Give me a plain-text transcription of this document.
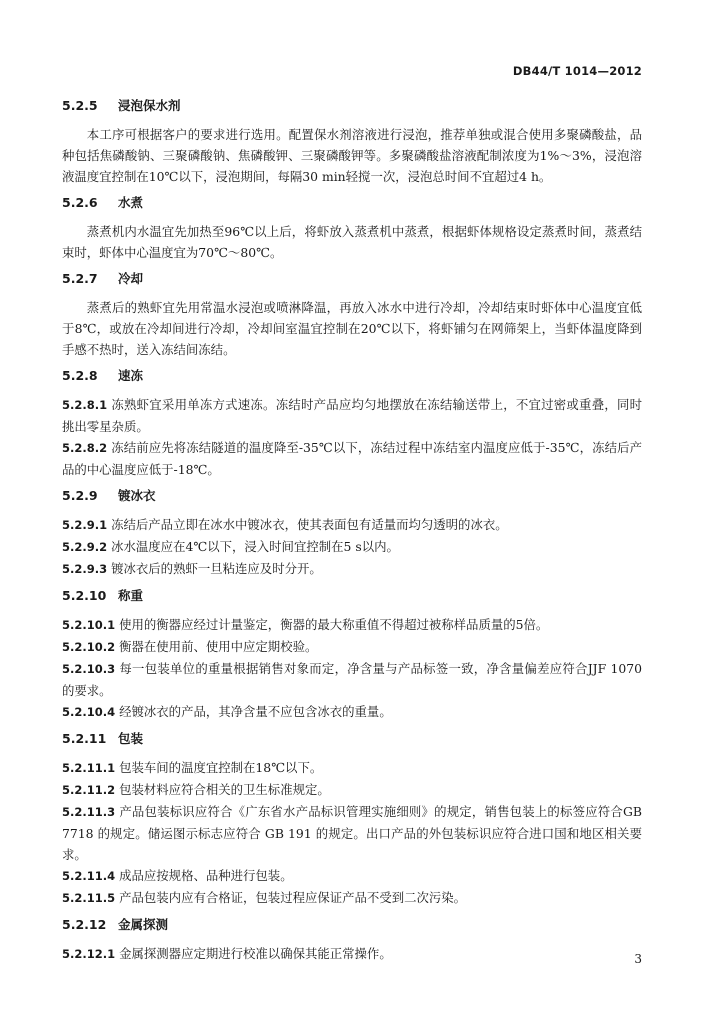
DB44/T 1014—2012
5.2.5 浸泡保水剂

本工序可根据客户的要求进行选用。配置保水剂溶液进行浸泡，推荐单独或混合使用多聚磷酸盐，品种包括焦磷酸钠、三聚磷酸钠、焦磷酸钾、三聚磷酸钾等。多聚磷酸盐溶液配制浓度为1%～3%，浸泡溶液温度宜控制在10℃以下，浸泡期间，每隔30 min轻搅一次，浸泡总时间不宜超过4 h。

5.2.6 水煮

蒸煮机内水温宜先加热至96℃以上后，将虾放入蒸煮机中蒸煮，根据虾体规格设定蒸煮时间，蒸煮结束时，虾体中心温度宜为70℃～80℃。

5.2.7 冷却

蒸煮后的熟虾宜先用常温水浸泡或喷淋降温，再放入冰水中进行冷却，冷却结束时虾体中心温度宜低于8℃，或放在冷却间进行冷却，冷却间室温宜控制在20℃以下，将虾铺匀在网筛架上，当虾体温度降到手感不热时，送入冻结间冻结。

5.2.8 速冻

5.2.8.1 冻熟虾宜采用单冻方式速冻。冻结时产品应均匀地摆放在冻结输送带上，不宜过密或重叠，同时挑出零星杂质。

5.2.8.2 冻结前应先将冻结隧道的温度降至-35℃以下，冻结过程中冻结室内温度应低于-35℃，冻结后产品的中心温度应低于-18℃。

5.2.9 镀冰衣

5.2.9.1 冻结后产品立即在冰水中镀冰衣，使其表面包有适量而均匀透明的冰衣。

5.2.9.2 冰水温度应在4℃以下，浸入时间宜控制在5 s以内。

5.2.9.3 镀冰衣后的熟虾一旦粘连应及时分开。

5.2.10 称重

5.2.10.1 使用的衡器应经过计量鉴定，衡器的最大称重值不得超过被称样品质量的5倍。

5.2.10.2 衡器在使用前、使用中应定期校验。

5.2.10.3 每一包装单位的重量根据销售对象而定，净含量与产品标签一致，净含量偏差应符合JJF 1070 的要求。

5.2.10.4 经镀冰衣的产品，其净含量不应包含冰衣的重量。

5.2.11 包装

5.2.11.1 包装车间的温度宜控制在18℃以下。

5.2.11.2 包装材料应符合相关的卫生标准规定。

5.2.11.3 产品包装标识应符合《广东省水产品标识管理实施细则》的规定，销售包装上的标签应符合GB 7718 的规定。储运图示标志应符合 GB 191 的规定。出口产品的外包装标识应符合进口国和地区相关要求。

5.2.11.4 成品应按规格、品种进行包装。

5.2.11.5 产品包装内应有合格证，包装过程应保证产品不受到二次污染。

5.2.12 金属探测

5.2.12.1 金属探测器应定期进行校准以确保其能正常操作。	3
